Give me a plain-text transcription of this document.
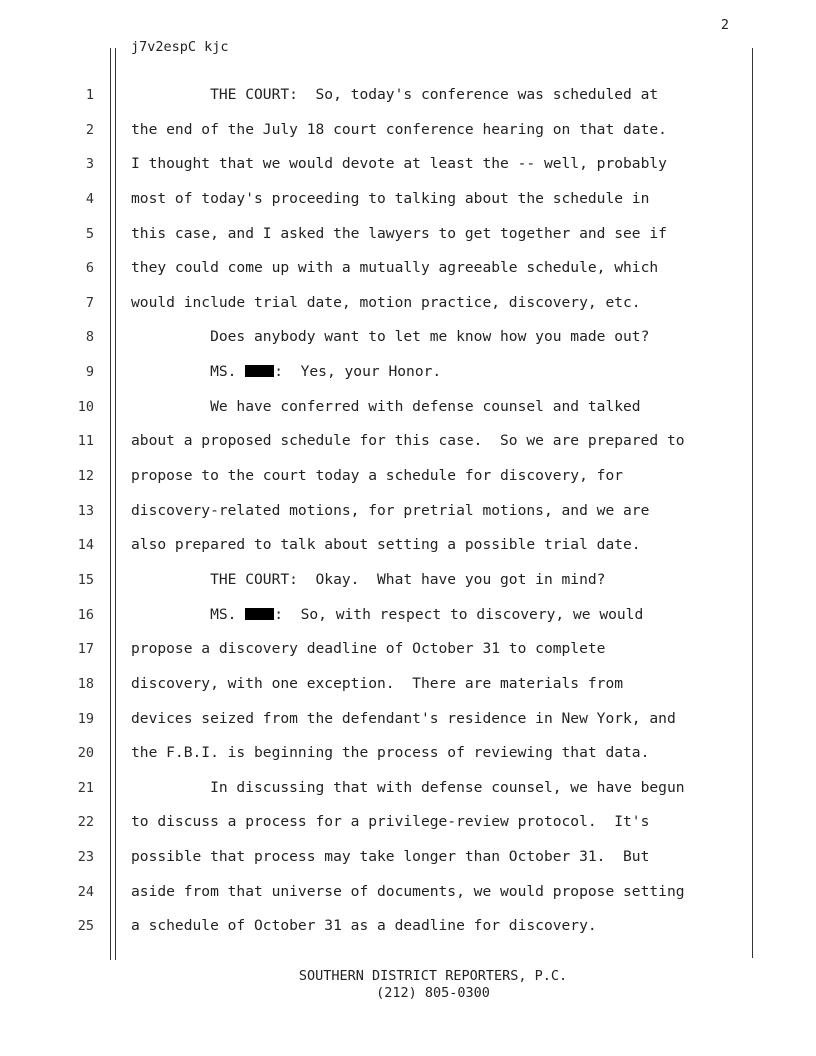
2
j7v2espC kjc
1	THE COURT:  So, today's conference was scheduled at
2	the end of the July 18 court conference hearing on that date.
3	I thought that we would devote at least the -- well, probably
4	most of today's proceeding to talking about the schedule in
5	this case, and I asked the lawyers to get together and see if
6	they could come up with a mutually agreeable schedule, which
7	would include trial date, motion practice, discovery, etc.
8	Does anybody want to let me know how you made out?
9	MS. :  Yes, your Honor.
10	We have conferred with defense counsel and talked
11	about a proposed schedule for this case.  So we are prepared to
12	propose to the court today a schedule for discovery, for
13	discovery-related motions, for pretrial motions, and we are
14	also prepared to talk about setting a possible trial date.
15	THE COURT:  Okay.  What have you got in mind?
16	MS. :  So, with respect to discovery, we would
17	propose a discovery deadline of October 31 to complete
18	discovery, with one exception.  There are materials from
19	devices seized from the defendant's residence in New York, and
20	the F.B.I. is beginning the process of reviewing that data.
21	In discussing that with defense counsel, we have begun
22	to discuss a process for a privilege-review protocol.  It's
23	possible that process may take longer than October 31.  But
24	aside from that universe of documents, we would propose setting
25	a schedule of October 31 as a deadline for discovery.
SOUTHERN DISTRICT REPORTERS, P.C.
(212) 805-0300
